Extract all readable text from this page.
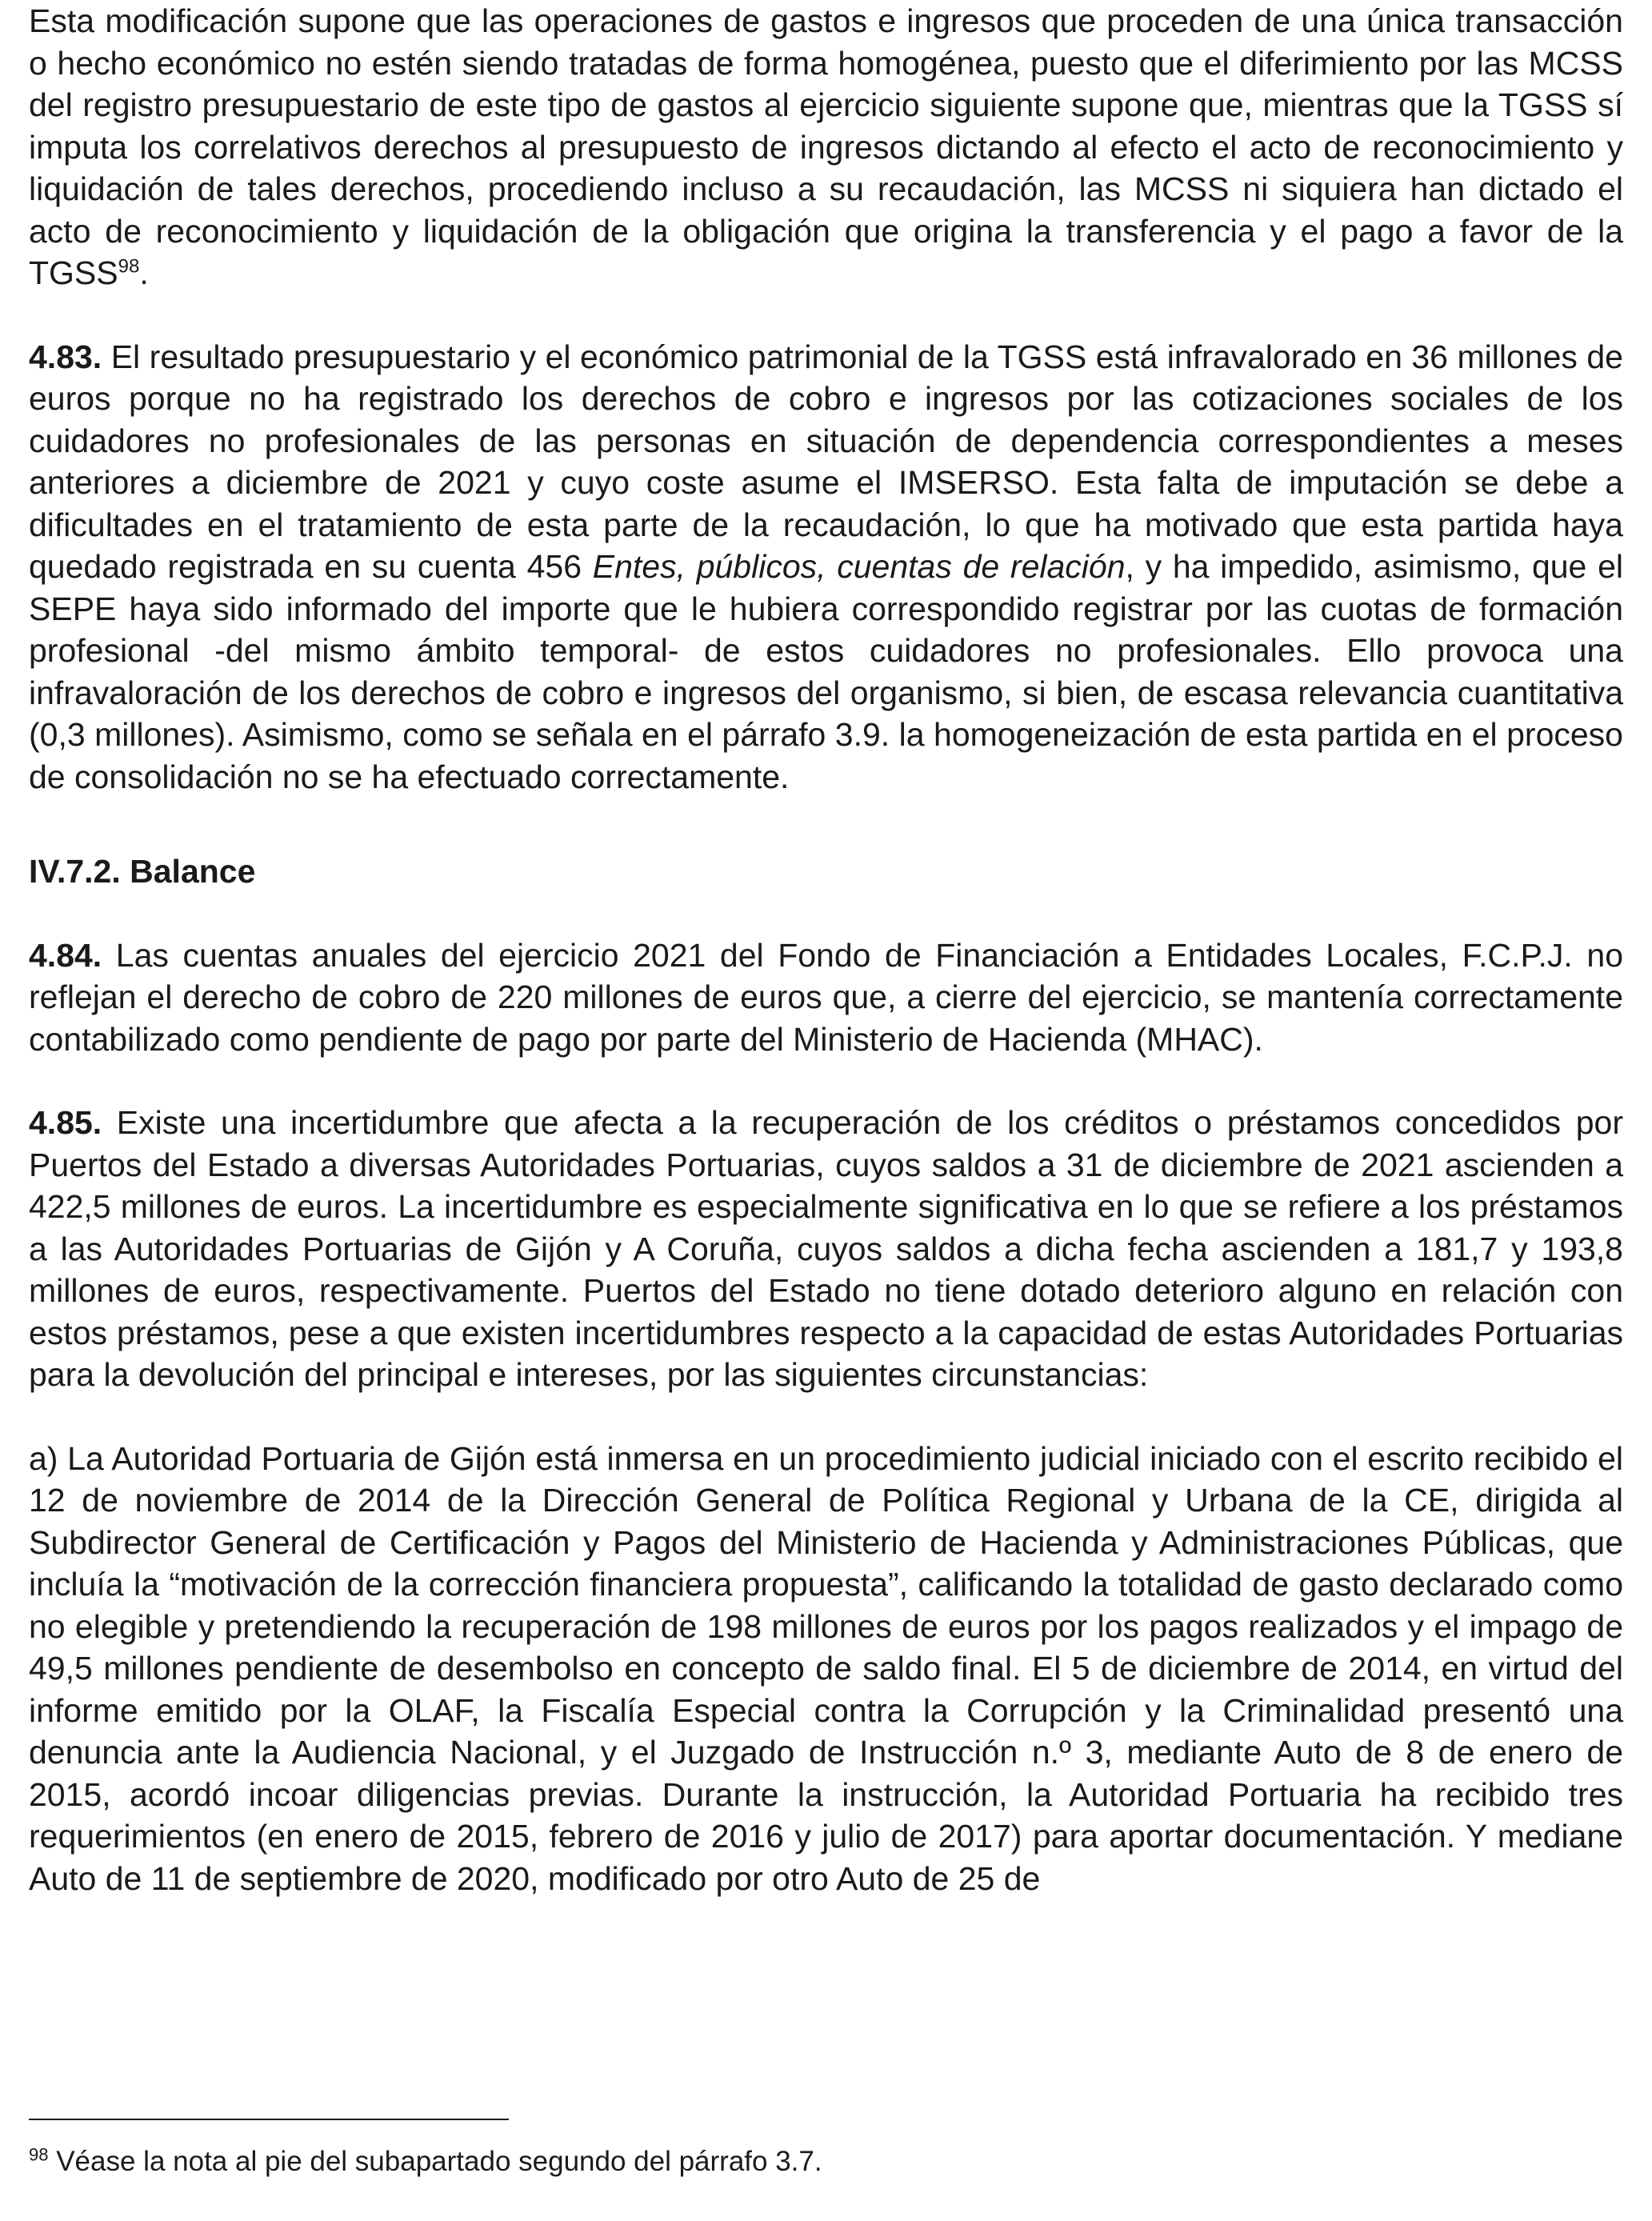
Esta modificación supone que las operaciones de gastos e ingresos que proceden de una única transacción o hecho económico no estén siendo tratadas de forma homogénea, puesto que el diferimiento por las MCSS del registro presupuestario de este tipo de gastos al ejercicio siguiente supone que, mientras que la TGSS sí imputa los correlativos derechos al presupuesto de ingresos dictando al efecto el acto de reconocimiento y liquidación de tales derechos, procediendo incluso a su recaudación, las MCSS ni siquiera han dictado el acto de reconocimiento y liquidación de la obligación que origina la transferencia y el pago a favor de la TGSS$^{98}$.

4.83. El resultado presupuestario y el económico patrimonial de la TGSS está infravalorado en 36 millones de euros porque no ha registrado los derechos de cobro e ingresos por las cotizaciones sociales de los cuidadores no profesionales de las personas en situación de dependencia correspondientes a meses anteriores a diciembre de 2021 y cuyo coste asume el IMSERSO. Esta falta de imputación se debe a dificultades en el tratamiento de esta parte de la recaudación, lo que ha motivado que esta partida haya quedado registrada en su cuenta 456 Entes, públicos, cuentas de relación, y ha impedido, asimismo, que el SEPE haya sido informado del importe que le hubiera correspondido registrar por las cuotas de formación profesional -del mismo ámbito temporal- de estos cuidadores no profesionales. Ello provoca una infravaloración de los derechos de cobro e ingresos del organismo, si bien, de escasa relevancia cuantitativa (0,3 millones). Asimismo, como se señala en el párrafo 3.9. la homogeneización de esta partida en el proceso de consolidación no se ha efectuado correctamente.

IV.7.2. Balance

4.84. Las cuentas anuales del ejercicio 2021 del Fondo de Financiación a Entidades Locales, F.C.P.J. no reflejan el derecho de cobro de 220 millones de euros que, a cierre del ejercicio, se mantenía correctamente contabilizado como pendiente de pago por parte del Ministerio de Hacienda (MHAC).

4.85. Existe una incertidumbre que afecta a la recuperación de los créditos o préstamos concedidos por Puertos del Estado a diversas Autoridades Portuarias, cuyos saldos a 31 de diciembre de 2021 ascienden a 422,5 millones de euros. La incertidumbre es especialmente significativa en lo que se refiere a los préstamos a las Autoridades Portuarias de Gijón y A Coruña, cuyos saldos a dicha fecha ascienden a 181,7 y 193,8 millones de euros, respectivamente. Puertos del Estado no tiene dotado deterioro alguno en relación con estos préstamos, pese a que existen incertidumbres respecto a la capacidad de estas Autoridades Portuarias para la devolución del principal e intereses, por las siguientes circunstancias:

a) La Autoridad Portuaria de Gijón está inmersa en un procedimiento judicial iniciado con el escrito recibido el 12 de noviembre de 2014 de la Dirección General de Política Regional y Urbana de la CE, dirigida al Subdirector General de Certificación y Pagos del Ministerio de Hacienda y Administraciones Públicas, que incluía la “motivación de la corrección financiera propuesta”, calificando la totalidad de gasto declarado como no elegible y pretendiendo la recuperación de 198 millones de euros por los pagos realizados y el impago de 49,5 millones pendiente de desembolso en concepto de saldo final. El 5 de diciembre de 2014, en virtud del informe emitido por la OLAF, la Fiscalía Especial contra la Corrupción y la Criminalidad presentó una denuncia ante la Audiencia Nacional, y el Juzgado de Instrucción n.º 3, mediante Auto de 8 de enero de 2015, acordó incoar diligencias previas. Durante la instrucción, la Autoridad Portuaria ha recibido tres requerimientos (en enero de 2015, febrero de 2016 y julio de 2017) para aportar documentación. Y mediane Auto de 11 de septiembre de 2020, modificado por otro Auto de 25 de

$^{98}$ Véase la nota al pie del subapartado segundo del párrafo 3.7.
